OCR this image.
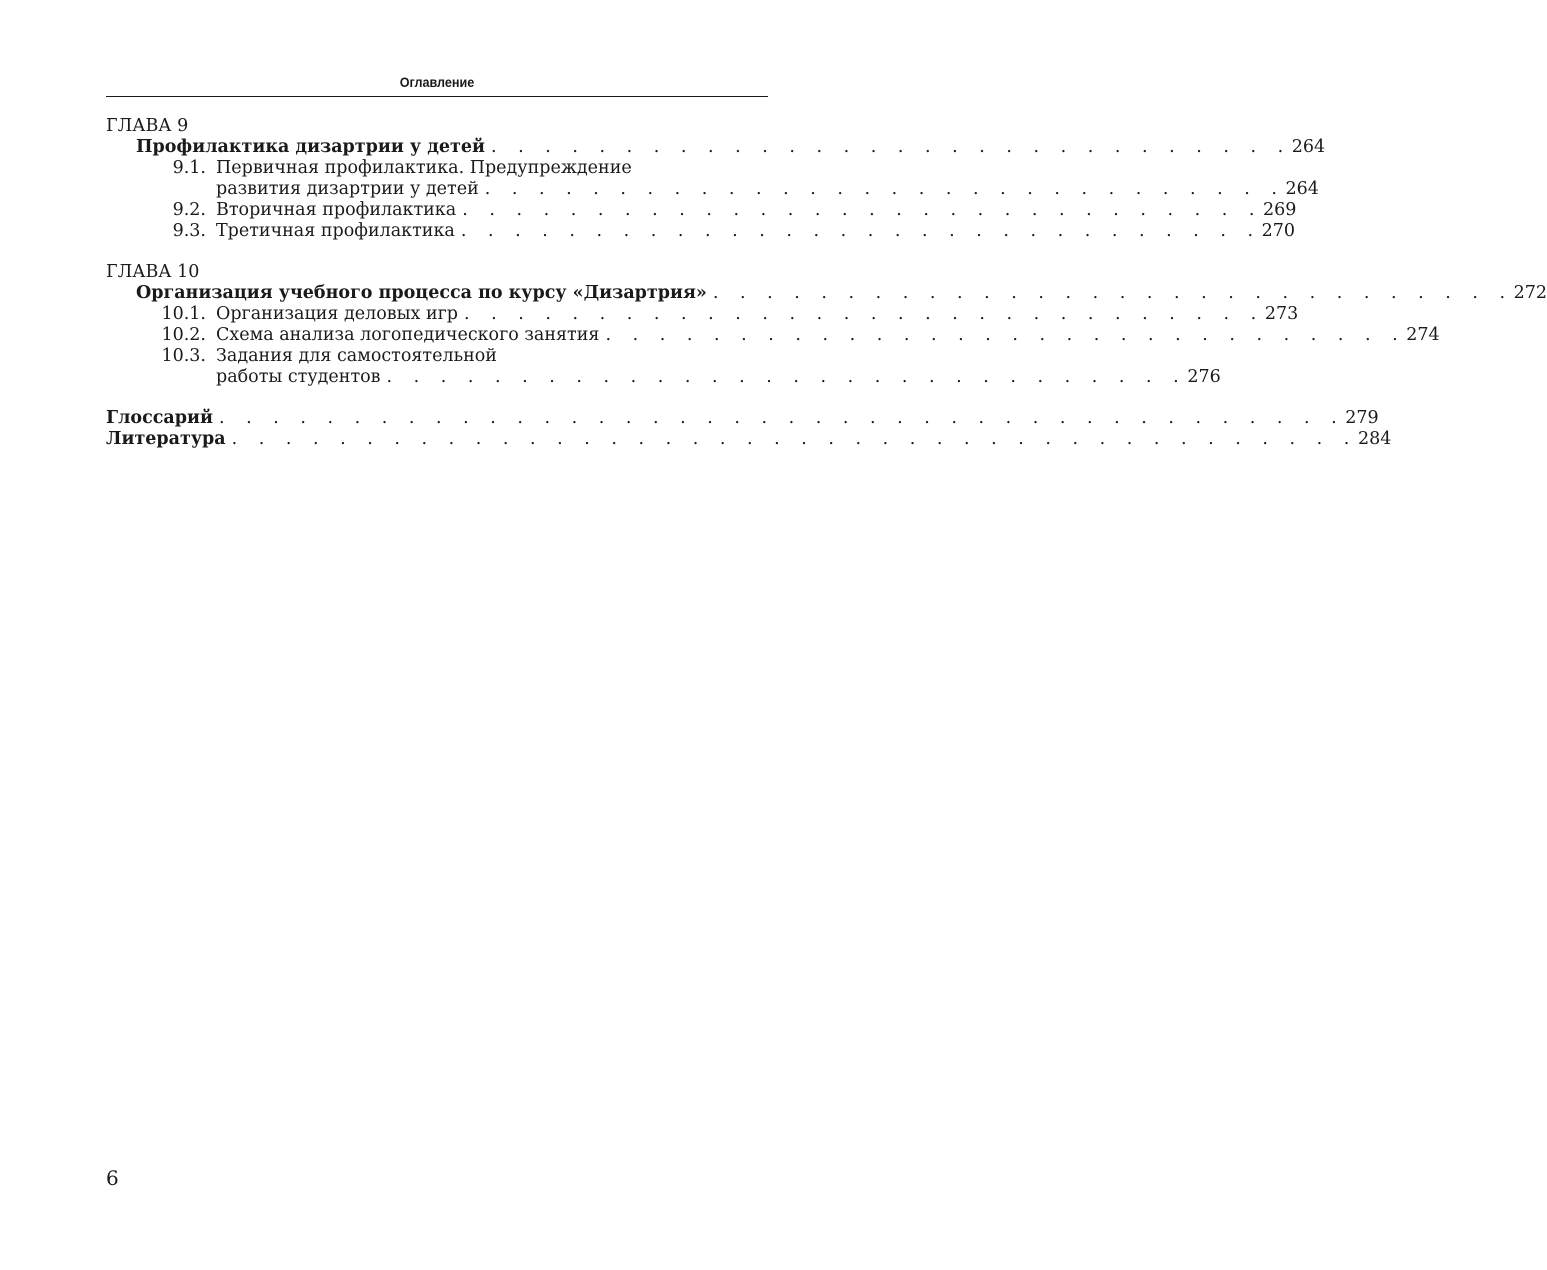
Оглавление
ГЛАВА 9
Профилактика дизартрии у детей . . . . . . . . . . . . . . . . . . . . . . . . . . . . . . 264
9.1. Первичная профилактика. Предупреждение
развития дизартрии у детей . . . . . . . . . . . . . . . . . . . . . . . . . . . . . . 264
9.2. Вторичная профилактика . . . . . . . . . . . . . . . . . . . . . . . . . . . . . . 269
9.3. Третичная профилактика . . . . . . . . . . . . . . . . . . . . . . . . . . . . . . 270
ГЛАВА 10
Организация учебного процесса по курсу «Дизартрия» . . . . . . . . . . . . . . . . . . . . . . . . . . . . . . 272
10.1. Организация деловых игр . . . . . . . . . . . . . . . . . . . . . . . . . . . . . . 273
10.2. Схема анализа логопедического занятия . . . . . . . . . . . . . . . . . . . . . . . . . . . . . . 274
10.3. Задания для самостоятельной
работы студентов . . . . . . . . . . . . . . . . . . . . . . . . . . . . . . 276
Глоссарий . . . . . . . . . . . . . . . . . . . . . . . . . . . . . . . . . . . . . . . . . . 279
Литература . . . . . . . . . . . . . . . . . . . . . . . . . . . . . . . . . . . . . . . . . . 284
6
